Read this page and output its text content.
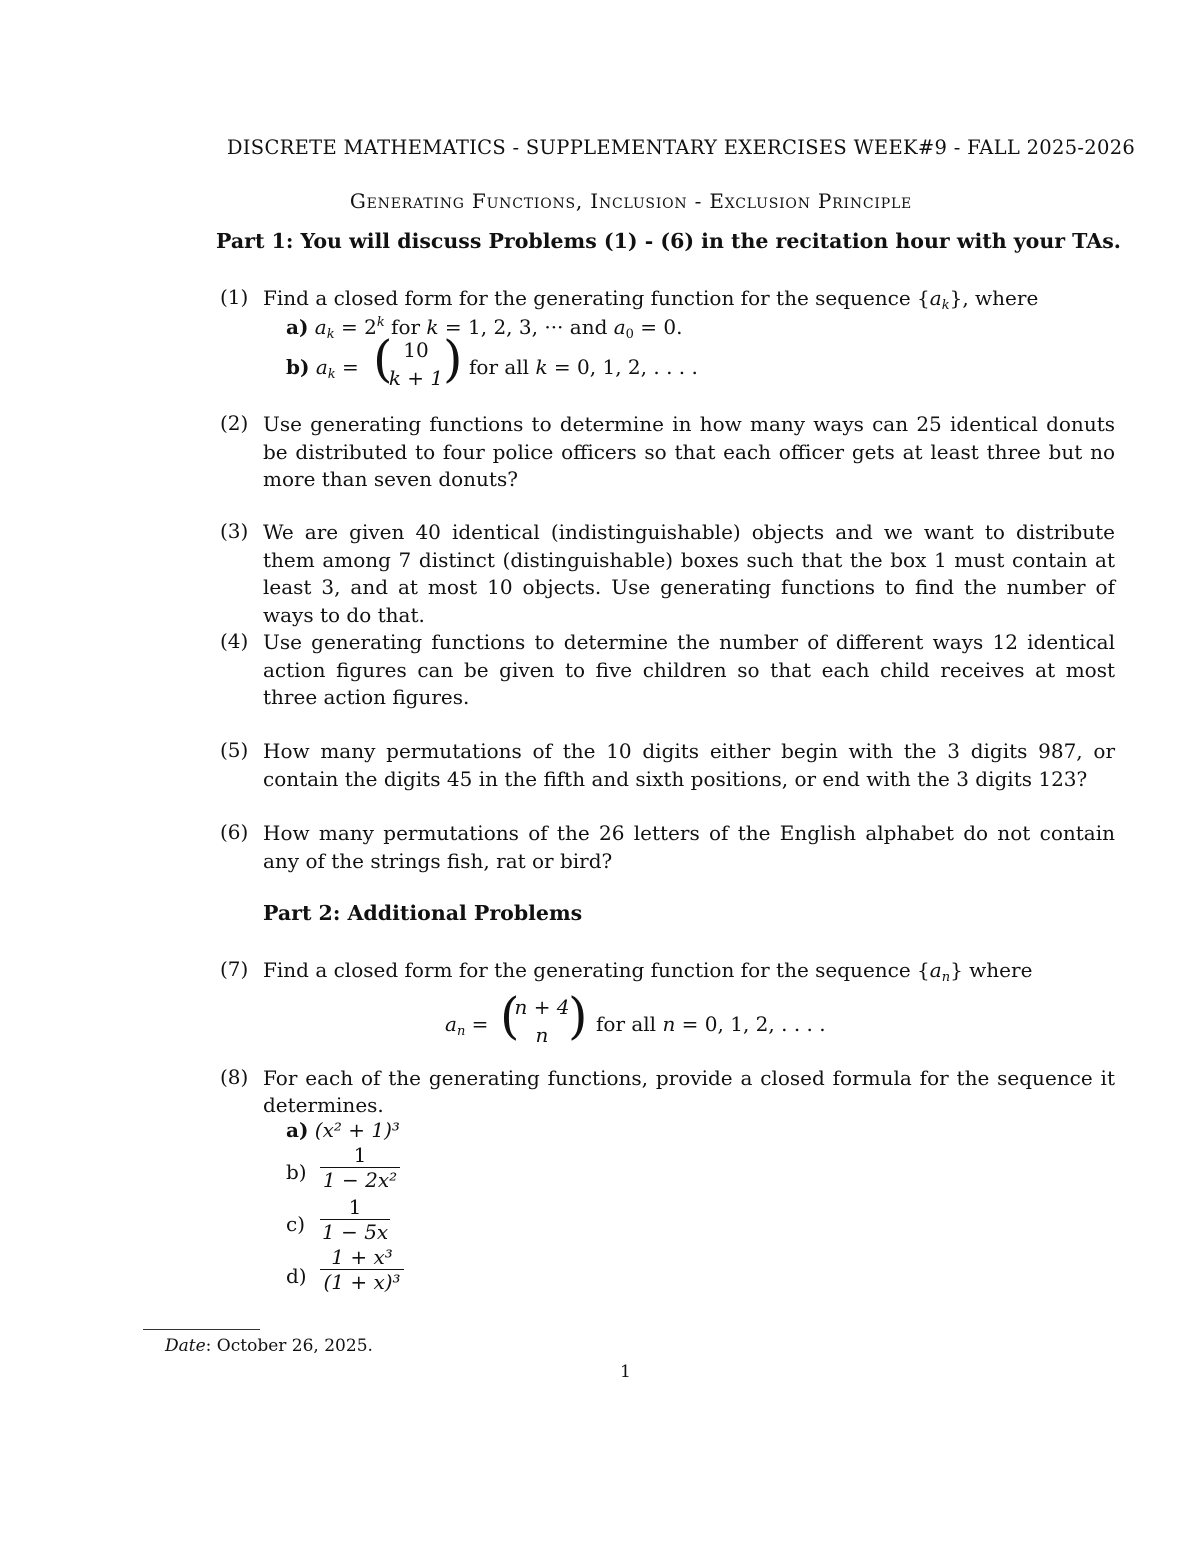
DISCRETE MATHEMATICS - SUPPLEMENTARY EXERCISES WEEK#9 - FALL 2025-2026
Generating Functions, Inclusion - Exclusion Principle
Part 1: You will discuss Problems (1) - (6) in the recitation hour with your TAs.
(1) Find a closed form for the generating function for the sequence $\{a_k\}$, where
a) $a_k = 2^k$ for k = 1, 2, 3, ··· and $a_0 = 0$.
b) $a_k$ = ( 10
k + 1 ) for all k = 0, 1, 2, . . . .
(2) Use generating functions to determine in how many ways can 25 identical donuts be distributed to four police officers so that each officer gets at least three but no more than seven donuts?
(3) We are given 40 identical (indistinguishable) objects and we want to distribute them among 7 distinct (distinguishable) boxes such that the box 1 must contain at least 3, and at most 10 objects. Use generating functions to find the number of ways to do that.
(4) Use generating functions to determine the number of different ways 12 identical action figures can be given to five children so that each child receives at most three action figures.
(5) How many permutations of the 10 digits either begin with the 3 digits 987, or contain the digits 45 in the fifth and sixth positions, or end with the 3 digits 123?
(6) How many permutations of the 26 letters of the English alphabet do not contain any of the strings fish, rat or bird?
Part 2: Additional Problems
(7) Find a closed form for the generating function for the sequence $\{a_n\}$ where
$a_n$ = (
n + 4
n ) for all n = 0, 1, 2, . . . .
(8) For each of the generating functions, provide a closed formula for the sequence it determines.
a) (x² + 1)³
$b) \frac{1}{\text{1 − 2x²}}$
$c) \frac{1}{1 - 5x}$
$d) \frac{\text{1 + x³}}{\text{(1 + x)³}}$
Date: October 26, 2025.
1
